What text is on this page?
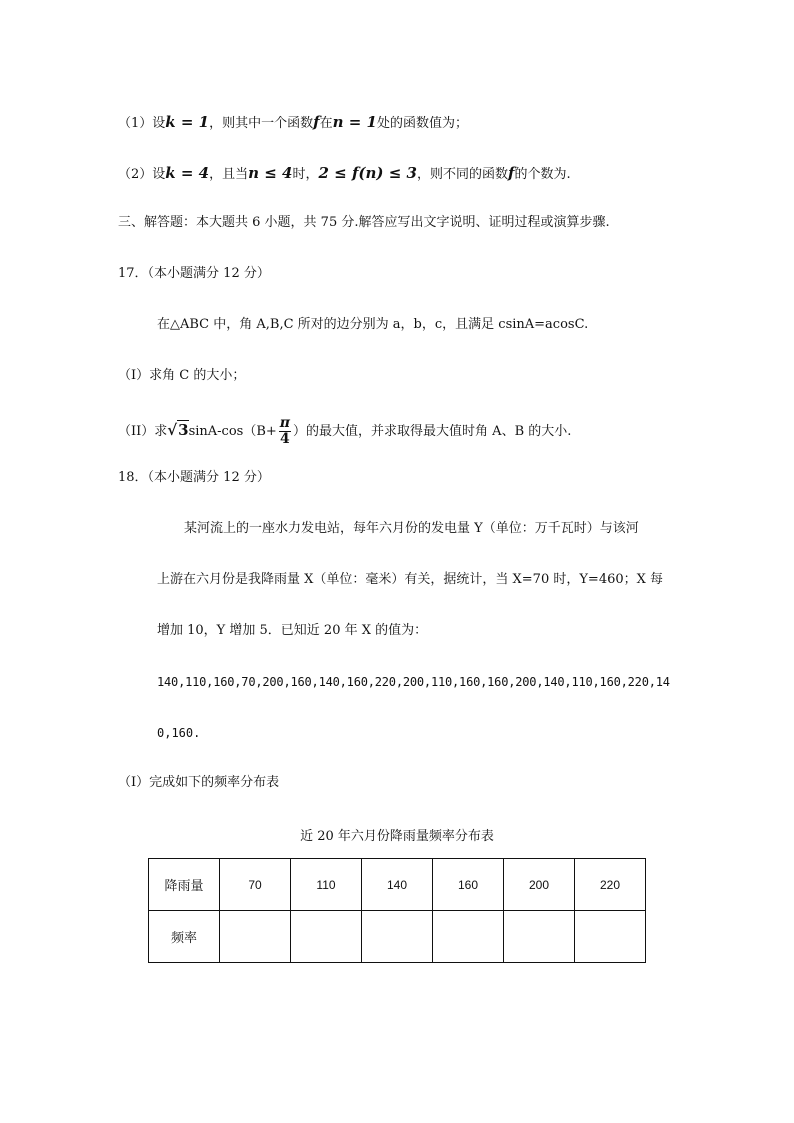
（1）设k = 1，则其中一个函数f在n = 1处的函数值为；
（2）设k = 4，且当n ≤ 4时，2 ≤ f(n) ≤ 3，则不同的函数f的个数为.
三、解答题：本大题共 6 小题，共 75 分.解答应写出文字说明、证明过程或演算步骤.
17．（本小题满分 12 分）
在△ABC 中，角 A,B,C 所对的边分别为 a，b，c，且满足 csinA=acosC.
（I）求角 C 的大小；
（II）求$√3\sin A-\cos(B+ \frac{\pi}{4}$ ）的最大值，并求取得最大值时角 A、B 的大小.
18．（本小题满分 12 分）
某河流上的一座水力发电站，每年六月份的发电量 Y（单位：万千瓦时）与该河
上游在六月份是我降雨量 X（单位：毫米）有关，据统计，当 X=70 时，Y=460；X 每
增加 10，Y 增加 5．已知近 20 年 X 的值为：
140,110,160,70,200,160,140,160,220,200,110,160,160,200,140,110,160,220,14
0,160.
（Ⅰ）完成如下的频率分布表
近 20 年六月份降雨量频率分布表
降雨量	70	110	140	160	200	220
频率						
